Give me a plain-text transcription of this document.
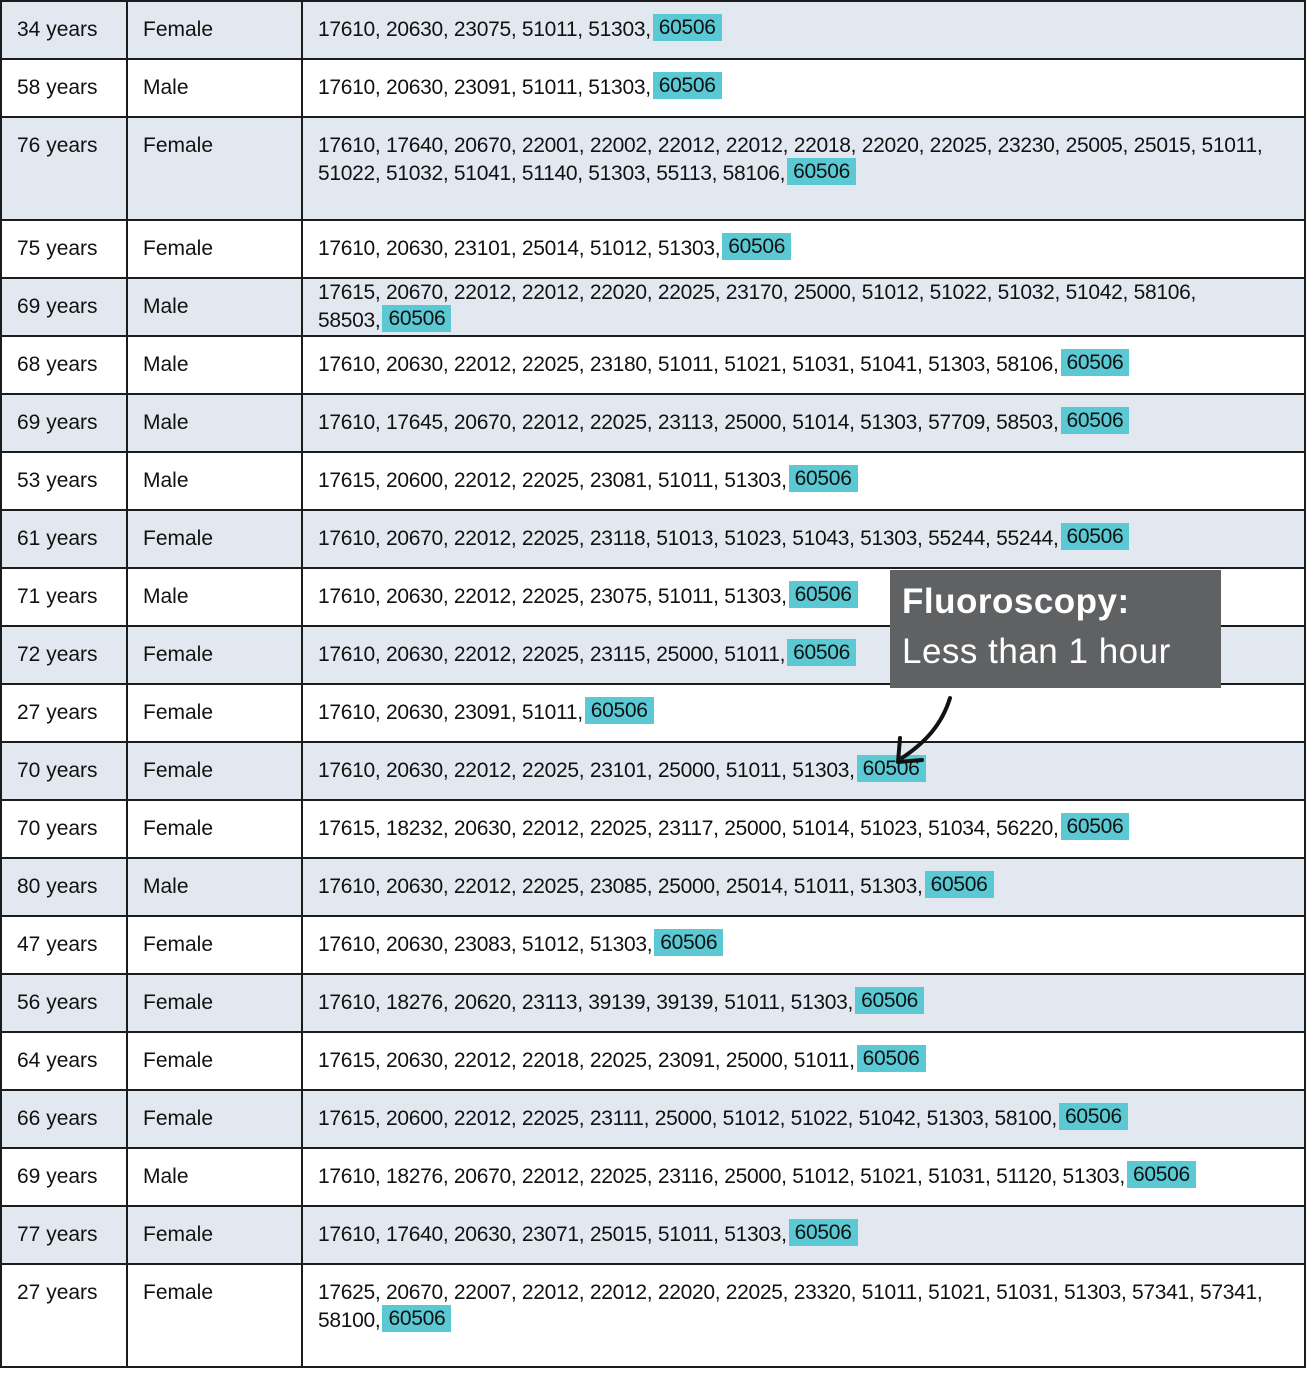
34 years	Female	17610, 20630, 23075, 51011, 51303, 60506
58 years	Male	17610, 20630, 23091, 51011, 51303, 60506
76 years	Female	17610, 17640, 20670, 22001, 22002, 22012, 22012, 22018, 22020, 22025, 23230, 25005, 25015, 51011, 51022, 51032, 51041, 51140, 51303, 55113, 58106, 60506
75 years	Female	17610, 20630, 23101, 25014, 51012, 51303, 60506
69 years	Male	17615, 20670, 22012, 22012, 22020, 22025, 23170, 25000, 51012, 51022, 51032, 51042, 58106, 58503, 60506
68 years	Male	17610, 20630, 22012, 22025, 23180, 51011, 51021, 51031, 51041, 51303, 58106, 60506
69 years	Male	17610, 17645, 20670, 22012, 22025, 23113, 25000, 51014, 51303, 57709, 58503, 60506
53 years	Male	17615, 20600, 22012, 22025, 23081, 51011, 51303, 60506
61 years	Female	17610, 20670, 22012, 22025, 23118, 51013, 51023, 51043, 51303, 55244, 55244, 60506
71 years	Male	17610, 20630, 22012, 22025, 23075, 51011, 51303, 60506
72 years	Female	17610, 20630, 22012, 22025, 23115, 25000, 51011, 60506
27 years	Female	17610, 20630, 23091, 51011, 60506
70 years	Female	17610, 20630, 22012, 22025, 23101, 25000, 51011, 51303, 60506
70 years	Female	17615, 18232, 20630, 22012, 22025, 23117, 25000, 51014, 51023, 51034, 56220, 60506
80 years	Male	17610, 20630, 22012, 22025, 23085, 25000, 25014, 51011, 51303, 60506
47 years	Female	17610, 20630, 23083, 51012, 51303, 60506
56 years	Female	17610, 18276, 20620, 23113, 39139, 39139, 51011, 51303, 60506
64 years	Female	17615, 20630, 22012, 22018, 22025, 23091, 25000, 51011, 60506
66 years	Female	17615, 20600, 22012, 22025, 23111, 25000, 51012, 51022, 51042, 51303, 58100, 60506
69 years	Male	17610, 18276, 20670, 22012, 22025, 23116, 25000, 51012, 51021, 51031, 51120, 51303, 60506
77 years	Female	17610, 17640, 20630, 23071, 25015, 51011, 51303, 60506
27 years	Female	17625, 20670, 22007, 22012, 22012, 22020, 22025, 23320, 51011, 51021, 51031, 51303, 57341, 57341, 58100, 60506
Fluoroscopy: Less than 1 hour
